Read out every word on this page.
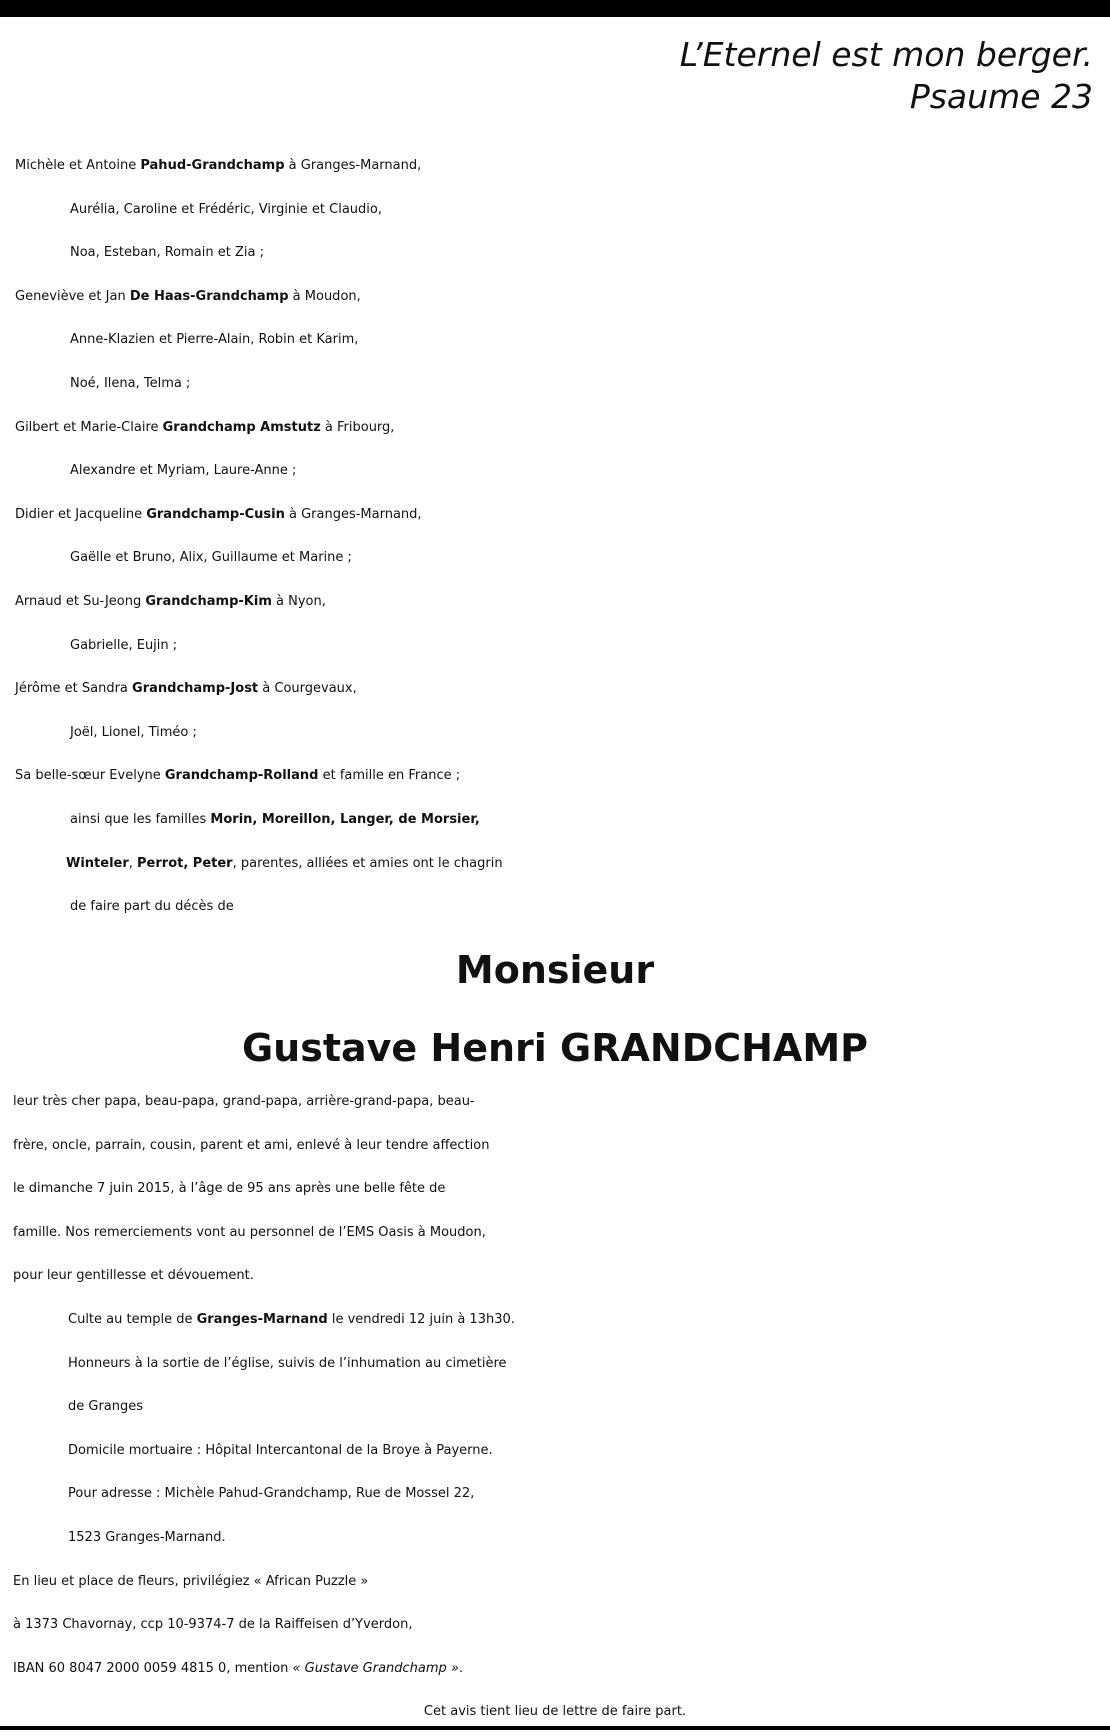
L’Eternel est mon berger.
Psaume 23
Michèle et Antoine Pahud-Grandchamp à Granges-Marnand,
Aurélia, Caroline et Frédéric, Virginie et Claudio,
Noa, Esteban, Romain et Zia ;
Geneviève et Jan De Haas-Grandchamp à Moudon,
Anne-Klazien et Pierre-Alain, Robin et Karim,
Noé, Ilena, Telma ;
Gilbert et Marie-Claire Grandchamp Amstutz à Fribourg,
Alexandre et Myriam, Laure-Anne ;
Didier et Jacqueline Grandchamp-Cusin à Granges-Marnand,
Gaëlle et Bruno, Alix, Guillaume et Marine ;
Arnaud et Su-Jeong Grandchamp-Kim à Nyon,
Gabrielle, Eujin ;
Jérôme et Sandra Grandchamp-Jost à Courgevaux,
Joël, Lionel, Timéo ;
Sa belle-sœur Evelyne Grandchamp-Rolland et famille en France ;
ainsi que les familles Morin, Moreillon, Langer, de Morsier,
Winteler, Perrot, Peter, parentes, alliées et amies ont le chagrin
de faire part du décès de
Monsieur
Gustave Henri GRANDCHAMP
leur très cher papa, beau-papa, grand-papa, arrière-grand-papa, beau-
frère, oncle, parrain, cousin, parent et ami, enlevé à leur tendre affection
le dimanche 7 juin 2015, à l’âge de 95 ans après une belle fête de
famille. Nos remerciements vont au personnel de l’EMS Oasis à Moudon,
pour leur gentillesse et dévouement.
Culte au temple de Granges-Marnand le vendredi 12 juin à 13h30.
Honneurs à la sortie de l’église, suivis de l’inhumation au cimetière
de Granges
Domicile mortuaire : Hôpital Intercantonal de la Broye à Payerne.
Pour adresse : Michèle Pahud-Grandchamp, Rue de Mossel 22,
1523 Granges-Marnand.
En lieu et place de fleurs, privilégiez « African Puzzle »
à 1373 Chavornay, ccp 10-9374-7 de la Raiffeisen d’Yverdon,
IBAN 60 8047 2000 0059 4815 0, mention « Gustave Grandchamp ».
Cet avis tient lieu de lettre de faire part.
